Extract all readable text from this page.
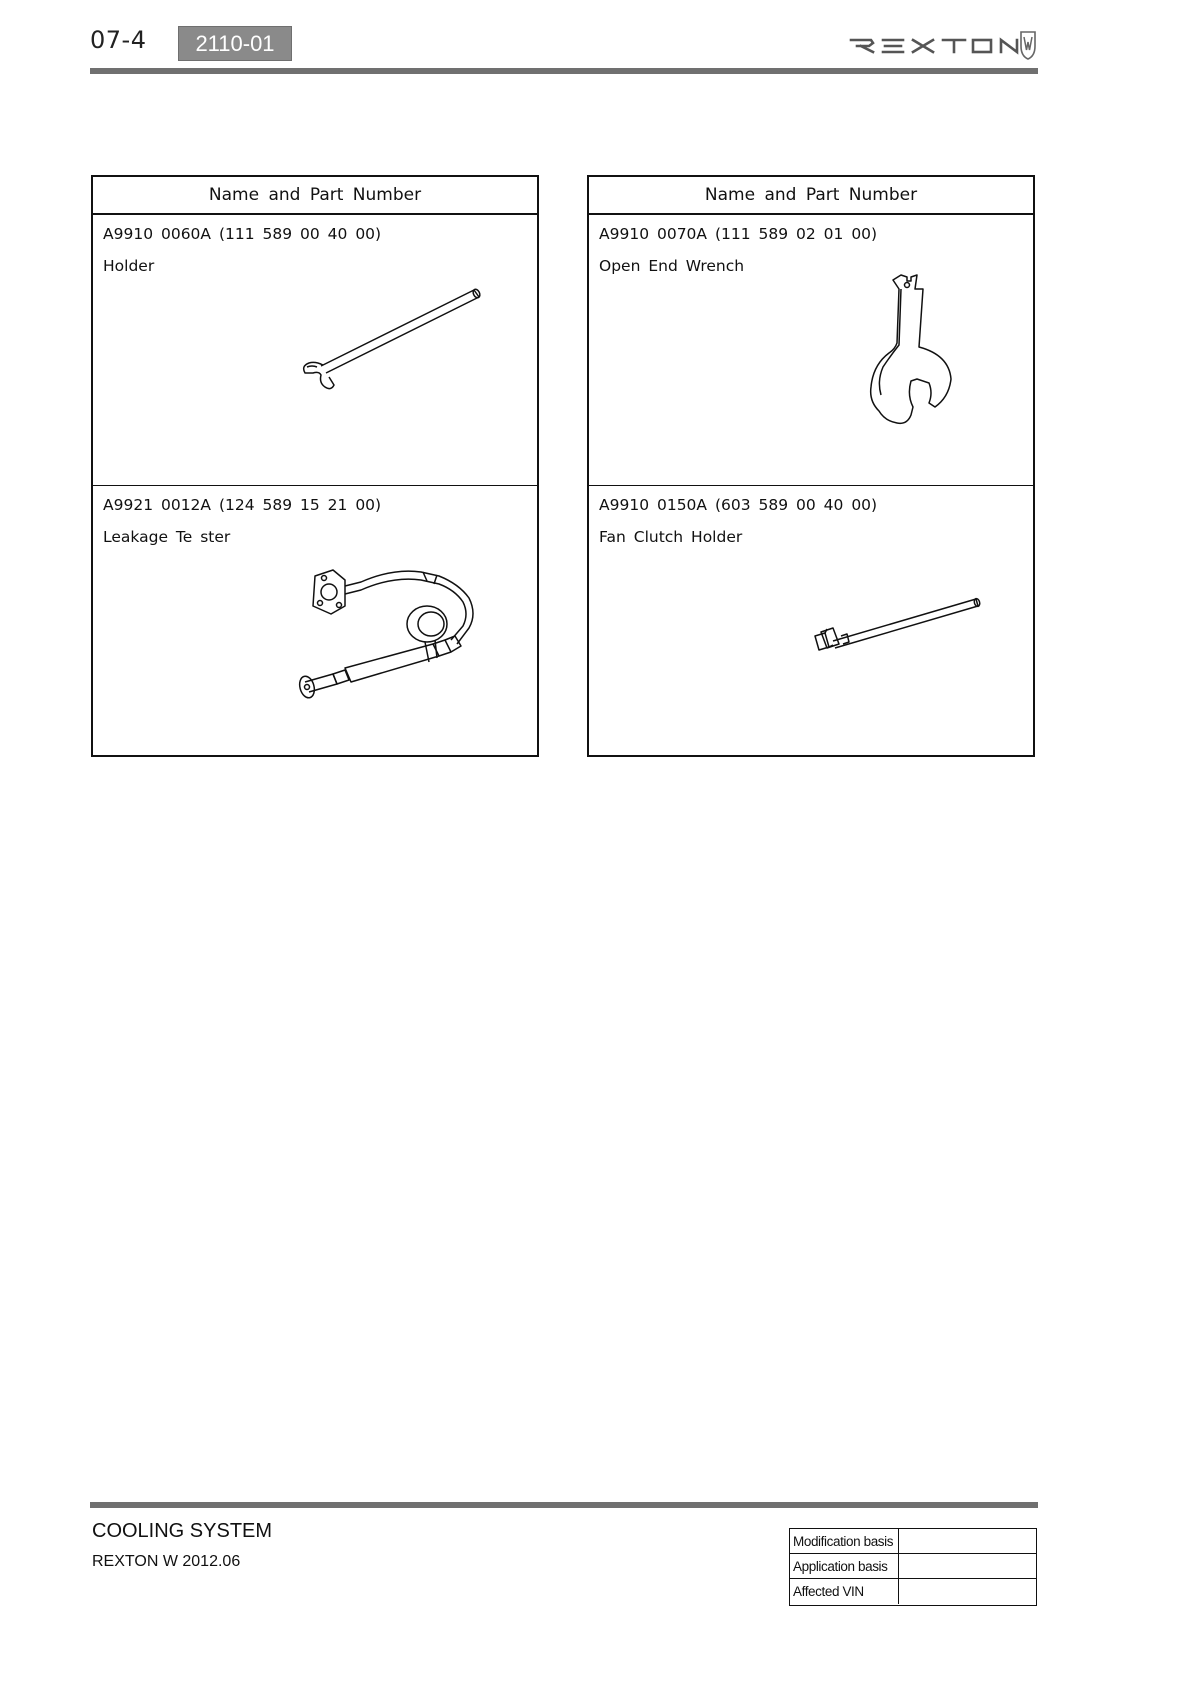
07-4	2110-01
Name and Part Number
A9910 0060A (111 589 00 40 00)
Holder
A9921 0012A (124 589 15 21 00)
Leakage Te ster
Name and Part Number
A9910 0070A (111 589 02 01 00)
Open End Wrench
A9910 0150A (603 589 00 40 00)
Fan Clutch Holder
COOLING SYSTEM
REXTON W 2012.06
Modification basis
Application basis
Affected VIN
